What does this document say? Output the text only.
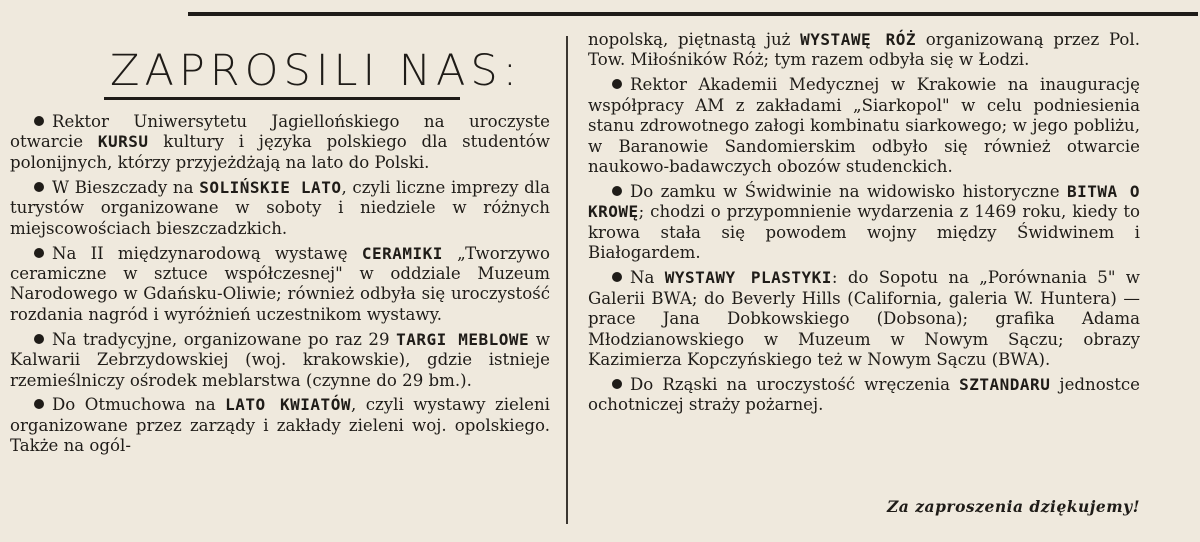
ZAPROSILI NAS:

Rektor Uniwersytetu Jagiellońskiego na uroczyste otwarcie KURSU kultury i języka polskiego dla studentów polonijnych, którzy przyjeżdżają na lato do Polski.

W Bieszczady na SOLIŃSKIE LATO, czyli liczne imprezy dla turystów organizowane w soboty i niedziele w różnych miejscowościach bieszczadzkich.

Na II międzynarodową wystawę CERAMIKI „Tworzywo ceramiczne w sztuce współczesnej" w oddziale Muzeum Narodowego w Gdańsku-Oliwie; również odbyła się uroczystość rozdania nagród i wyróżnień uczestnikom wystawy.

Na tradycyjne, organizowane po raz 29 TARGI MEBLOWE w Kalwarii Zebrzydowskiej (woj. krakowskie), gdzie istnieje rzemieślniczy ośrodek meblarstwa (czynne do 29 bm.).

Do Otmuchowa na LATO KWIATÓW, czyli wystawy zieleni organizowane przez zarządy i zakłady zieleni woj. opolskiego. Także na ogól-

nopolską, piętnastą już WYSTAWĘ RÓŻ organizowaną przez Pol. Tow. Miłośników Róż; tym razem odbyła się w Łodzi.

Rektor Akademii Medycznej w Krakowie na inaugurację współpracy AM z zakładami „Siarkopol" w celu podniesienia stanu zdrowotnego załogi kombinatu siarkowego; w jego pobliżu, w Baranowie Sandomierskim odbyło się również otwarcie naukowo-badawczych obozów studenckich.

Do zamku w Świdwinie na widowisko historyczne BITWA O KROWĘ; chodzi o przypomnienie wydarzenia z 1469 roku, kiedy to krowa stała się powodem wojny między Świdwinem i Białogardem.

Na WYSTAWY PLASTYKI: do Sopotu na „Porównania 5" w Galerii BWA; do Beverly Hills (California, galeria W. Huntera) — prace Jana Dobkowskiego (Dobsona); grafika Adama Młodzianowskiego w Muzeum w Nowym Sączu; obrazy Kazimierza Kopczyńskiego też w Nowym Sączu (BWA).

Do Rząski na uroczystość wręczenia SZTANDARU jednostce ochotniczej straży pożarnej.

Za zaproszenia dziękujemy!
